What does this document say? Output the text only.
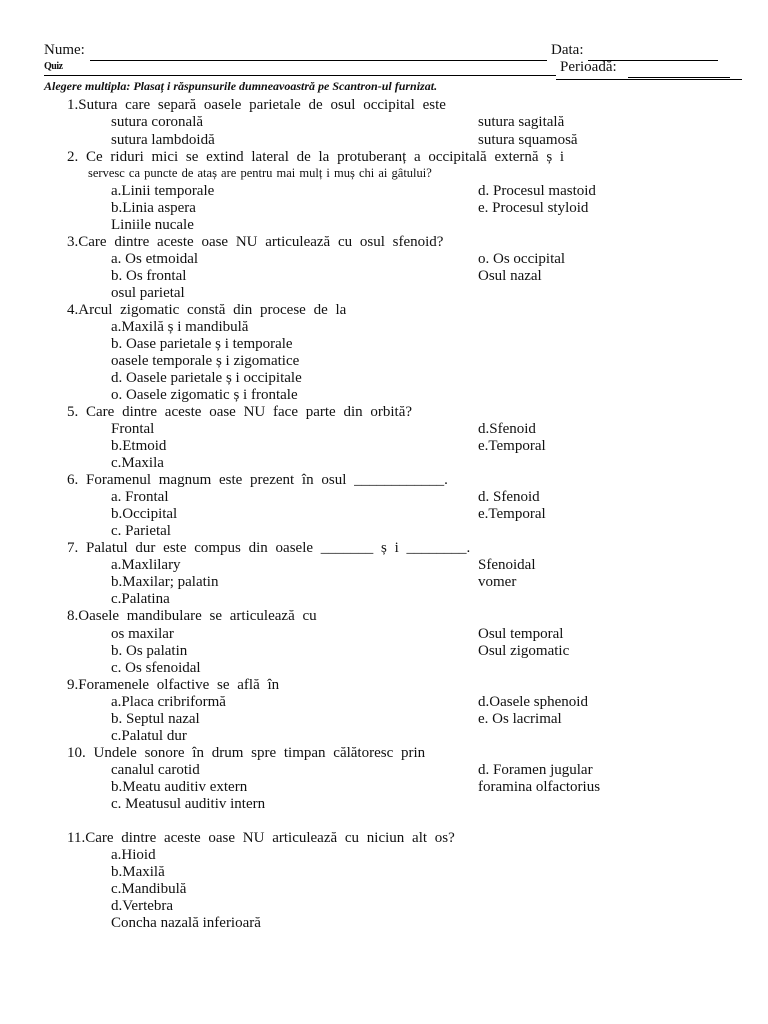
Nume:	Data:
Quiz	Perioadă:
Alegere multipla: Plasaț i răspunsurile dumneavoastră pe Scantron-ul furnizat.
1.Sutura care separă oasele parietale de osul occipital este
sutura coronală	sutura sagitală
sutura lambdoidă	sutura squamosă
2. Ce riduri mici se extind lateral de la protuberanț a occipitală externă ș i
servesc ca puncte de ataș are pentru mai mulț i muș chi ai gâtului?
a.Linii temporale	d. Procesul mastoid
b.Linia aspera	e. Procesul styloid
Liniile nucale
3.Care dintre aceste oase NU articulează cu osul sfenoid?
a. Os etmoidal	o. Os occipital
b. Os frontal	Osul nazal
osul parietal
4.Arcul zigomatic constă din procese de la
a.Maxilă ș i mandibulă
b. Oase parietale ș i temporale
oasele temporale ș i zigomatice
d. Oasele parietale ș i occipitale
o. Oasele zigomatic ș i frontale
5. Care dintre aceste oase NU face parte din orbită?
Frontal	d.Sfenoid
b.Etmoid	e.Temporal
c.Maxila
6. Foramenul magnum este prezent în osul ____________.
a. Frontal	d. Sfenoid
b.Occipital	e.Temporal
c. Parietal
7. Palatul dur este compus din oasele _______ ș i ________.
a.Maxlilary	Sfenoidal
b.Maxilar; palatin	vomer
c.Palatina
8.Oasele mandibulare se articulează cu
os maxilar	Osul temporal
b. Os palatin	Osul zigomatic
c. Os sfenoidal
9.Foramenele olfactive se află în
a.Placa cribriformă	d.Oasele sphenoid
b. Septul nazal	e. Os lacrimal
c.Palatul dur
10. Undele sonore în drum spre timpan călătoresc prin
canalul carotid	d. Foramen jugular
b.Meatu auditiv extern	foramina olfactorius
c. Meatusul auditiv intern
11.Care dintre aceste oase NU articulează cu niciun alt os?
a.Hioid
b.Maxilă
c.Mandibulă
d.Vertebra
Concha nazală inferioară
